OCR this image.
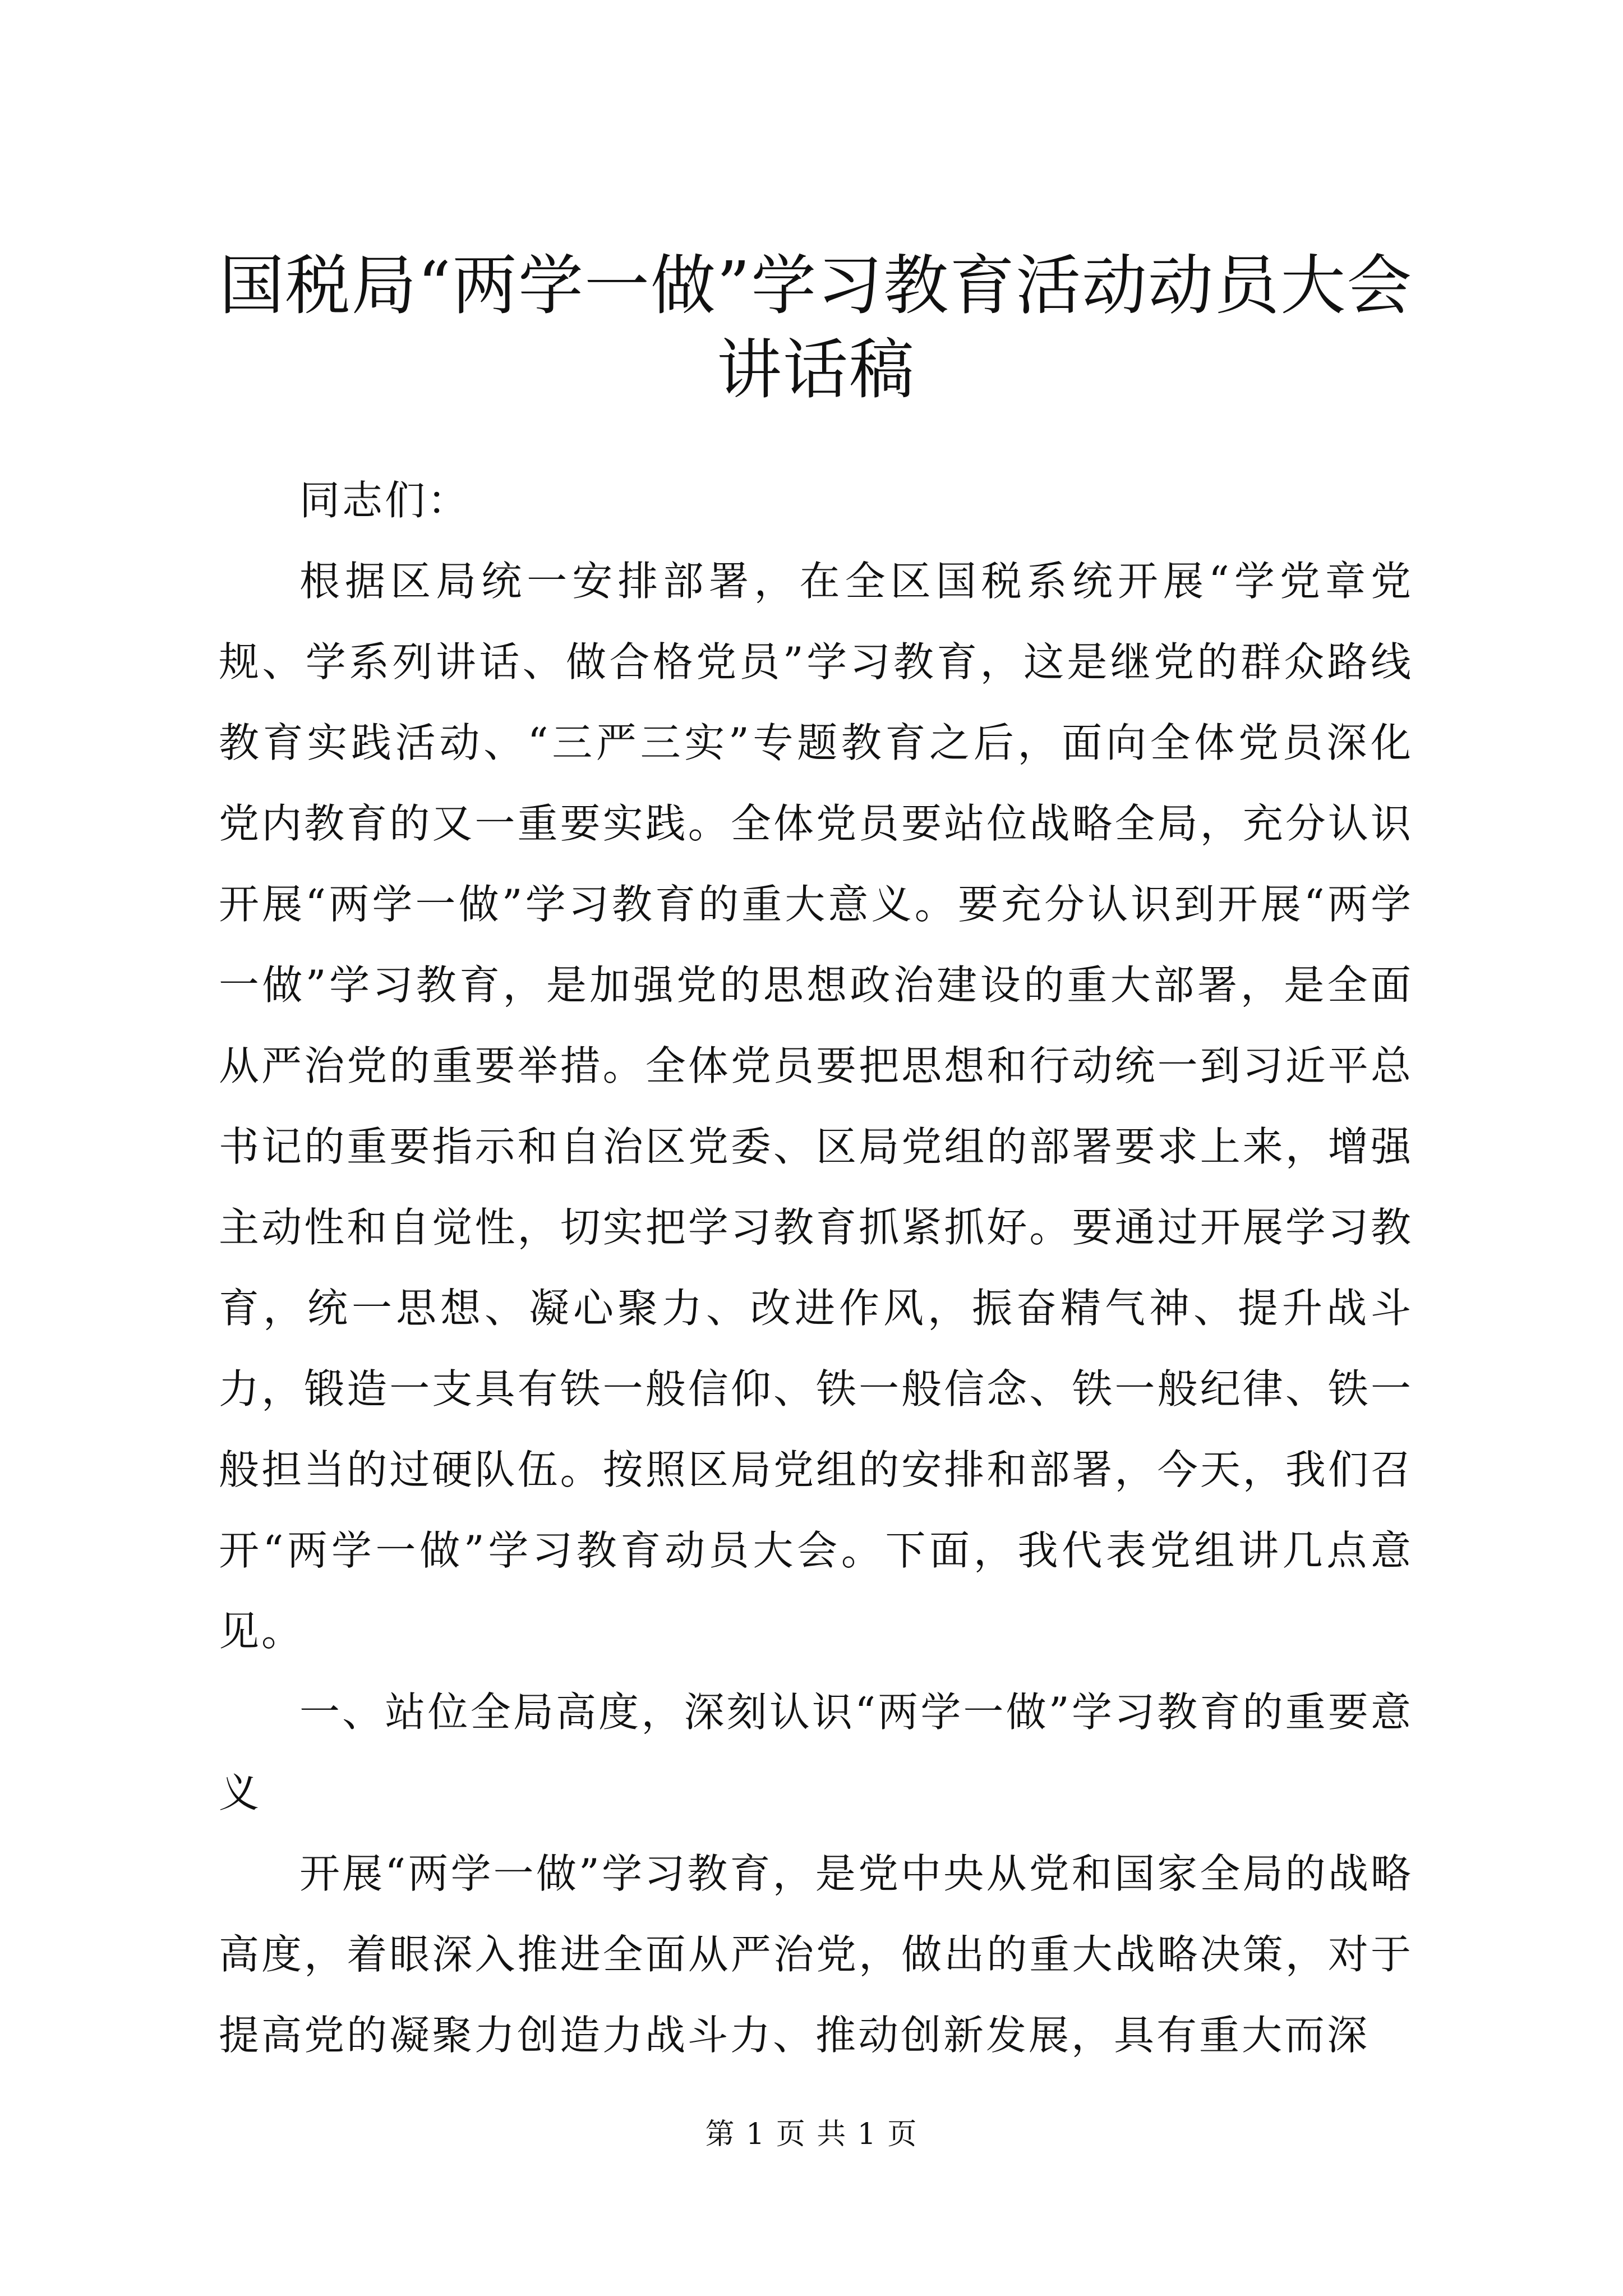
国税局“两学一做”学习教育活动动员大会讲话稿

同志们：

根据区局统一安排部署，在全区国税系统开展“学党章党规、学系列讲话、做合格党员”学习教育，这是继党的群众路线教育实践活动、“三严三实”专题教育之后，面向全体党员深化党内教育的又一重要实践。全体党员要站位战略全局，充分认识开展“两学一做”学习教育的重大意义。要充分认识到开展“两学一做”学习教育，是加强党的思想政治建设的重大部署，是全面从严治党的重要举措。全体党员要把思想和行动统一到习近平总书记的重要指示和自治区党委、区局党组的部署要求上来，增强主动性和自觉性，切实把学习教育抓紧抓好。要通过开展学习教育，统一思想、凝心聚力、改进作风，振奋精气神、提升战斗力，锻造一支具有铁一般信仰、铁一般信念、铁一般纪律、铁一般担当的过硬队伍。按照区局党组的安排和部署，今天，我们召开“两学一做”学习教育动员大会。下面，我代表党组讲几点意见。

一、站位全局高度，深刻认识“两学一做”学习教育的重要意义

开展“两学一做”学习教育，是党中央从党和国家全局的战略高度，着眼深入推进全面从严治党，做出的重大战略决策，对于提高党的凝聚力创造力战斗力、推动创新发展，具有重大而深

第 1 页 共 1 页
